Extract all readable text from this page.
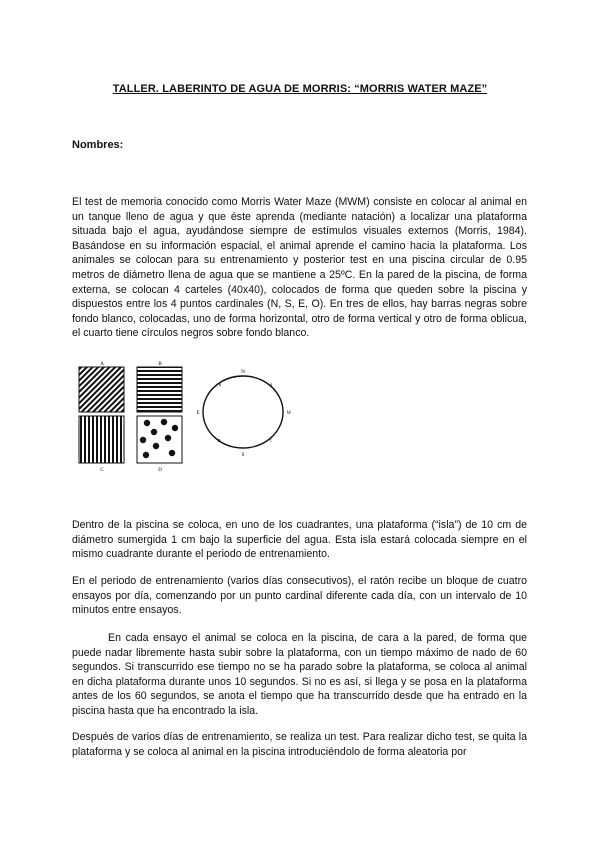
TALLER. LABERINTO DE AGUA DE MORRIS: “MORRIS WATER MAZE”
Nombres:

El test de memoria conocido como Morris Water Maze (MWM) consiste en colocar al animal en un tanque lleno de agua y que éste aprenda (mediante natación) a localizar una plataforma situada bajo el agua, ayudándose siempre de estímulos visuales externos (Morris, 1984). Basándose en su información espacial, el animal aprende el camino hacia la plataforma. Los animales se colocan para su entrenamiento y posterior test en una piscina circular de 0.95 metros de diámetro llena de agua que se mantiene a 25ºC. En la pared de la piscina, de forma externa, se colocan 4 carteles (40x40), colocados de forma que queden sobre la piscina y dispuestos entre los 4 puntos cardinales (N, S, E, O). En tres de ellos, hay barras negras sobre fondo blanco, colocadas, uno de forma horizontal, otro de forma vertical y otro de forma oblicua, el cuarto tiene círculos negros sobre fondo blanco.

A	B
C	D
N
W
S
E
A
B
C
D

Dentro de la piscina se coloca, en uno de los cuadrantes, una plataforma (“isla”) de 10 cm de diámetro sumergida 1 cm bajo la superficie del agua. Esta isla estará colocada siempre en el mismo cuadrante durante el periodo de entrenamiento.

En el periodo de entrenamiento (varios días consecutivos), el ratón recibe un bloque de cuatro ensayos por día, comenzando por un punto cardinal diferente cada día, con un intervalo de 10 minutos entre ensayos.

En cada ensayo el animal se coloca en la piscina, de cara a la pared, de forma que puede nadar libremente hasta subir sobre la plataforma, con un tiempo máximo de nado de 60 segundos. Si transcurrido ese tiempo no se ha parado sobre la plataforma, se coloca al animal en dicha plataforma durante unos 10 segundos. Si no es así, si llega y se posa en la plataforma antes de los 60 segundos, se anota el tiempo que ha transcurrido desde que ha entrado en la piscina hasta que ha encontrado la isla.

Después de varios días de entrenamiento, se realiza un test. Para realizar dicho test, se quita la plataforma y se coloca al animal en la piscina introduciéndolo de forma aleatoria por
